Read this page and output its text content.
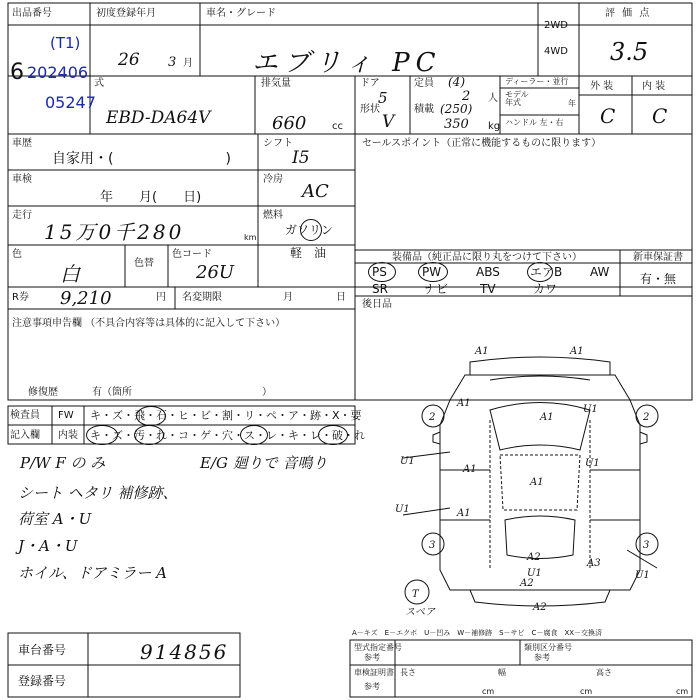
出品番号
6
(T1)
202406
05247
初度登録年月
26 3 月
式
EBD-DA64V
車名・グレード
エブリィ PC
2WD
4WD
評 価 点
3.5
外 装	内 装
C C
排気量
660	cc
ドア
5
形状
V
定員 (4)
2 人
積載 (250)
350 kg
ディーラー・並行
モデル
年式	年
ハンドル 左・右
車歴
自家用・(　　　　　　　　)
シフト
I5
セールスポイント（正常に機能するものに限ります）
車検
年　　月(　　日)
冷房
AC
走行
15万0千280	km
燃料
ガソリン
軽　油
色
白	色替
色コード
26U
装備品（純正品に限り丸をつけて下さい）
PS	PW	ABS	エアB AW
SR	ナビ	TV	カワ
新車保証書
有・無
後日品
R券 9,210	円 名変期限	月	日
注意事項申告欄 （不具合内容等は具体的に記入して下さい）
修復歴	有（箇所　　　　　　　　　　　　　）
検査員
記入欄
FW
内装
キ・ズ・飛・石・ヒ・ビ・割・リ・ペ・ア・跡・X・要
キ・ズ・汚・れ・コ・ゲ・穴・ス・レ・キ・レ・破・れ
P/W F の み	E/G 廻りで 音鳴り
シート ヘタリ 補修跡、
荷室 A・U
J・A・U
ホイル、ドアミラー A
A1	A1
A1
A1
A1
A1
A1
A2
U1
A2
U1
U1
U1
U1
A3
U1
A2
2	2
3	3
T
スペア
A－キズ　E－エクボ　U－凹み　W－補修跡　S－サビ　C－腐食　XX－交換済
型式指定番号
参考
類別区分番号
参考
車検証明書
参考
長さ	幅	高さ
cm	cm	cm
車台番号	914856
登録番号
